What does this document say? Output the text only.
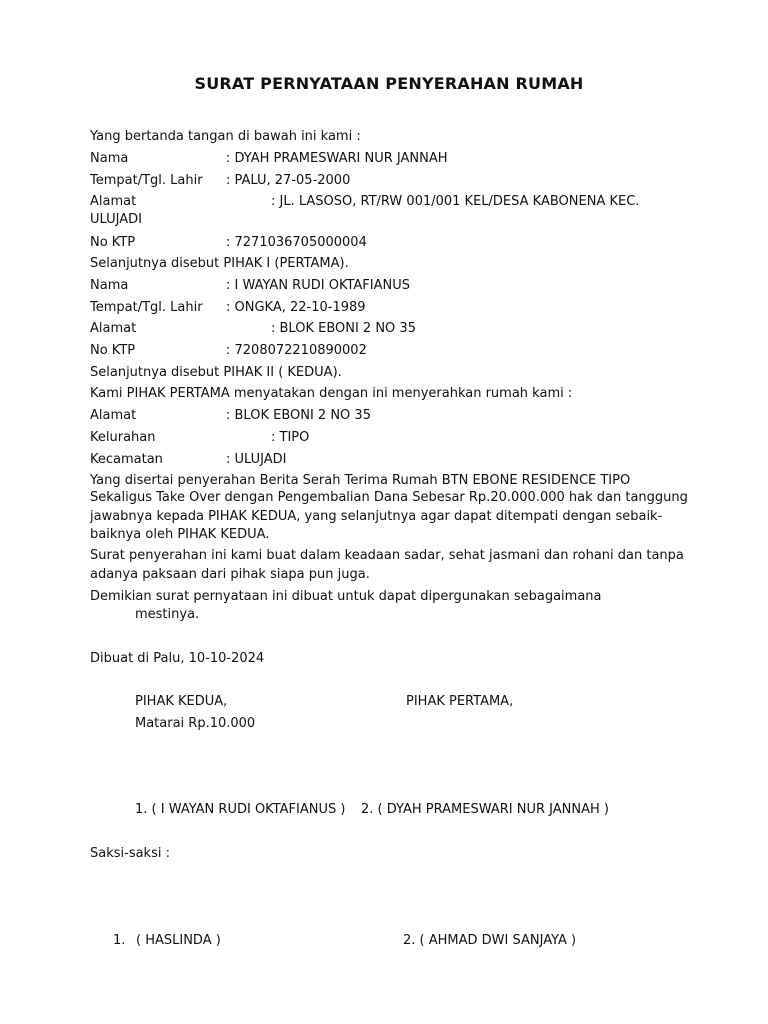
SURAT PERNYATAAN PENYERAHAN RUMAH
Yang bertanda tangan di bawah ini kami :
Nama	: DYAH PRAMESWARI NUR JANNAH
Tempat/Tgl. Lahir : PALU, 27-05-2000
Alamat	: JL. LASOSO, RT/RW 001/001 KEL/DESA KABONENA KEC.
ULUJADI
No KTP	: 7271036705000004
Selanjutnya disebut PIHAK I (PERTAMA).
Nama	: I WAYAN RUDI OKTAFIANUS
Tempat/Tgl. Lahir : ONGKA, 22-10-1989
Alamat	: BLOK EBONI 2 NO 35
No KTP	: 7208072210890002
Selanjutnya disebut PIHAK II ( KEDUA).
Kami PIHAK PERTAMA menyatakan dengan ini menyerahkan rumah kami :
Alamat	: BLOK EBONI 2 NO 35
Kelurahan	: TIPO
Kecamatan	: ULUJADI
Yang disertai penyerahan Berita Serah Terima Rumah BTN EBONE RESIDENCE TIPO
Sekaligus Take Over dengan Pengembalian Dana Sebesar Rp.20.000.000 hak dan tanggung
jawabnya kepada PIHAK KEDUA, yang selanjutnya agar dapat ditempati dengan sebaik-
baiknya oleh PIHAK KEDUA.
Surat penyerahan ini kami buat dalam keadaan sadar, sehat jasmani dan rohani dan tanpa
adanya paksaan dari pihak siapa pun juga.
Demikian surat pernyataan ini dibuat untuk dapat dipergunakan sebagaimana
mestinya.
Dibuat di Palu, 10-10-2024
PIHAK KEDUA,	PIHAK PERTAMA,
Matarai Rp.10.000
1. ( I WAYAN RUDI OKTAFIANUS ) 2. ( DYAH PRAMESWARI NUR JANNAH )
Saksi-saksi :
1. ( HASLINDA )	2. ( AHMAD DWI SANJAYA )
